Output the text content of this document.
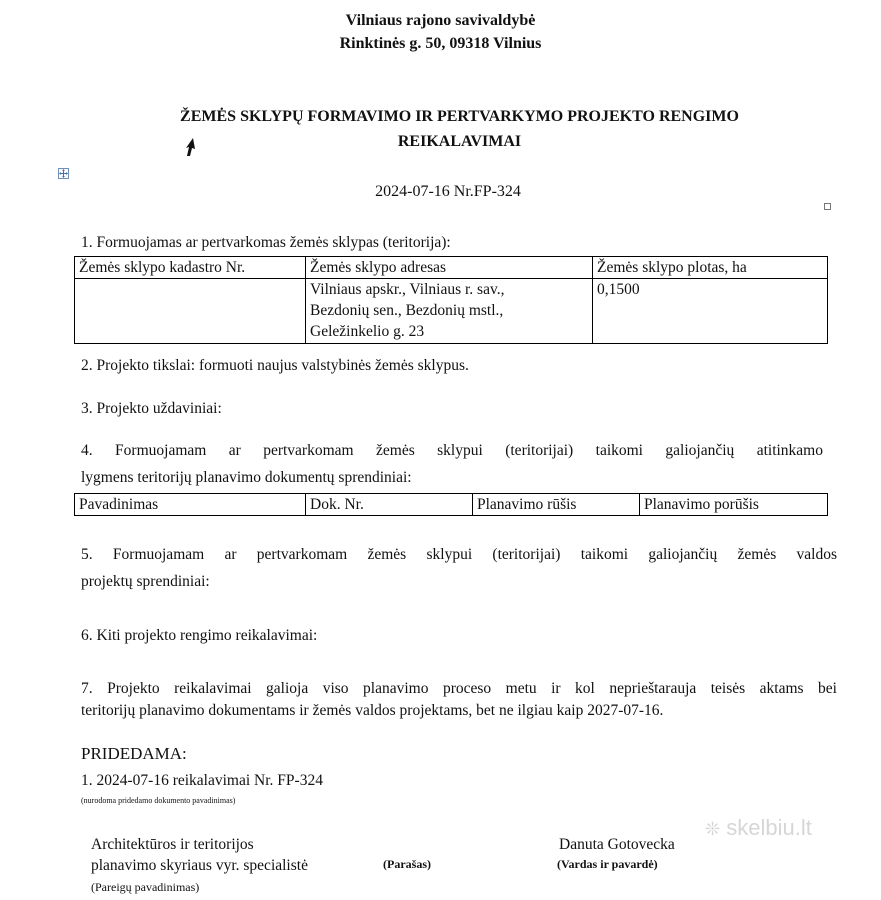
Vilniaus rajono savivaldybė
Rinktinės g. 50, 09318 Vilnius
ŽEMĖS SKLYPŲ FORMAVIMO IR PERTVARKYMO PROJEKTO RENGIMO
REIKALAVIMAI
2024-07-16 Nr.FP-324
1. Formuojamas ar pertvarkomas žemės sklypas (teritorija):
Žemės sklypo kadastro Nr.	Žemės sklypo adresas	Žemės sklypo plotas, ha

	Vilniaus apskr., Vilniaus r. sav.,
Bezdonių sen., Bezdonių mstl.,
Geležinkelio g. 23	0,1500
2. Projekto tikslai: formuoti naujus valstybinės žemės sklypus.
3. Projekto uždaviniai:
4. Formuojamam ar pertvarkomam žemės sklypui (teritorijai) taikomi galiojančių atitinkamo
lygmens teritorijų planavimo dokumentų sprendiniai:
Pavadinimas	Dok. Nr.	Planavimo rūšis	Planavimo porūšis
5. Formuojamam ar pertvarkomam žemės sklypui (teritorijai) taikomi galiojančių žemės valdos
projektų sprendiniai:
6. Kiti projekto rengimo reikalavimai:
7. Projekto reikalavimai galioja viso planavimo proceso metu ir kol neprieštarauja teisės aktams bei
teritorijų planavimo dokumentams ir žemės valdos projektams, bet ne ilgiau kaip 2027-07-16.
PRIDEDAMA:
1. 2024-07-16 reikalavimai Nr. FP-324
(nurodoma pridedamo dokumento pavadinimas)
Architektūros ir teritorijos
planavimo skyriaus vyr. specialistė
(Pareigų pavadinimas)
(Parašas)
Danuta Gotovecka
(Vardas ir pavardė)
❊ skelbiu.lt
